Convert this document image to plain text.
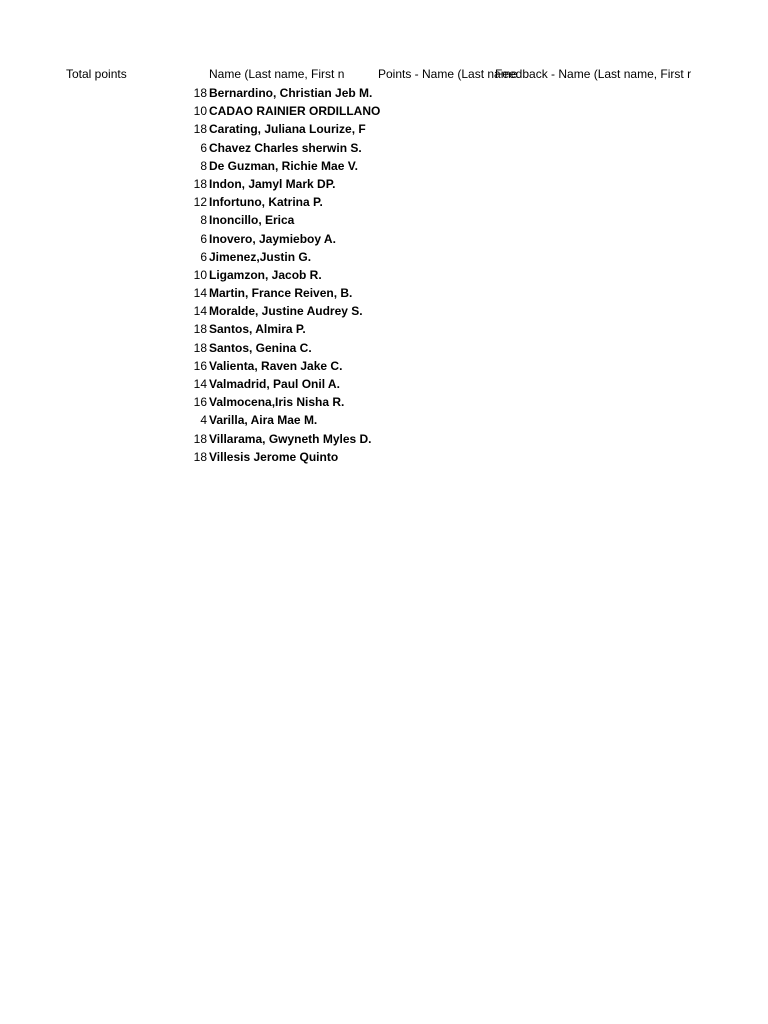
Total points	Name (Last name, First n	Points - Name (Last name
Feedback - Name (Last name, First r
18 Bernardino, Christian Jeb M.
10 CADAO RAINIER ORDILLANO
18 Carating, Juliana Lourize, F
6 Chavez Charles sherwin S.
8 De Guzman, Richie Mae V.
18 Indon, Jamyl Mark DP.
12 Infortuno, Katrina P.
8 Inoncillo, Erica
6 Inovero, Jaymieboy A.
6 Jimenez,Justin G.
10 Ligamzon, Jacob R.
14 Martin, France Reiven, B.
14 Moralde, Justine Audrey S.
18 Santos, Almira P.
18 Santos, Genina C.
16 Valienta, Raven Jake C.
14 Valmadrid, Paul Onil A.
16 Valmocena,Iris Nisha R.
4 Varilla, Aira Mae M.
18 Villarama, Gwyneth Myles D.
18 Villesis Jerome Quinto
